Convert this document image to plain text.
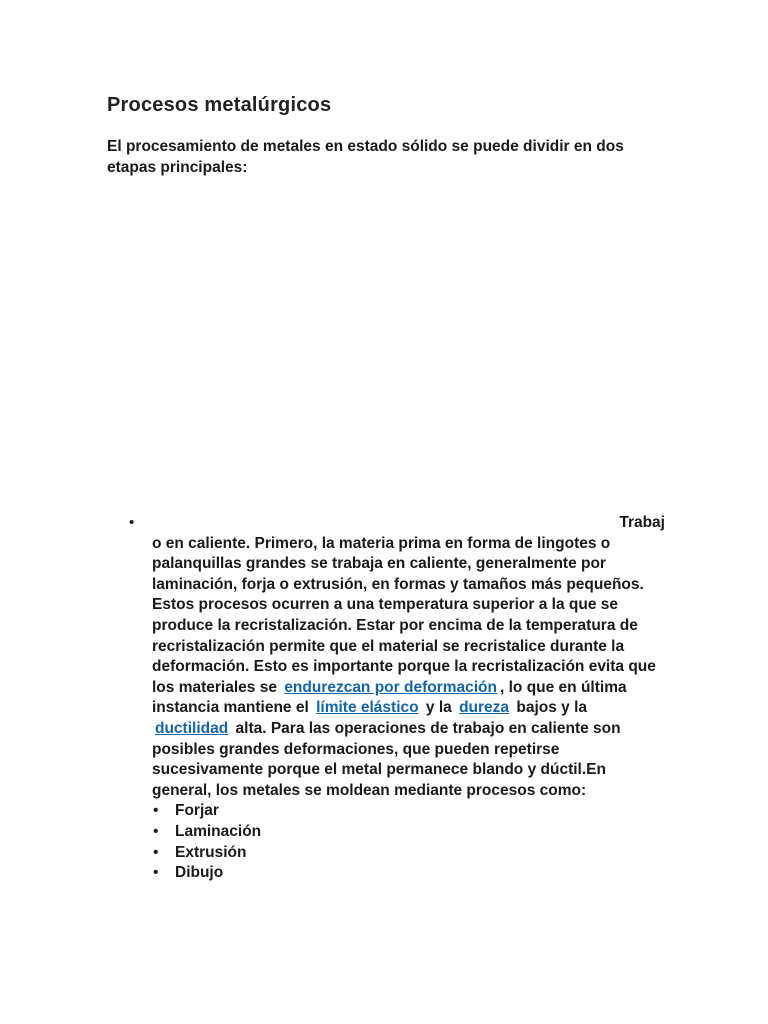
Procesos metalúrgicos

El procesamiento de metales en estado sólido se puede dividir en dos etapas principales:

•	Trabaj
o en caliente. Primero, la materia prima en forma de lingotes o palanquillas grandes se trabaja en caliente, generalmente por laminación, forja o extrusión, en formas y tamaños más pequeños. Estos procesos ocurren a una temperatura superior a la que se produce la recristalización. Estar por encima de la temperatura de recristalización permite que el material se recristalice durante la deformación. Esto es importante porque la recristalización evita que los materiales se endurezcan por deformación , lo que en última instancia mantiene el límite elástico y la dureza bajos y la ductilidad alta. Para las operaciones de trabajo en caliente son posibles grandes deformaciones, que pueden repetirse sucesivamente porque el metal permanece blando y dúctil.En general, los metales se moldean mediante procesos como:
• Forjar
• Laminación
• Extrusión
• Dibujo
